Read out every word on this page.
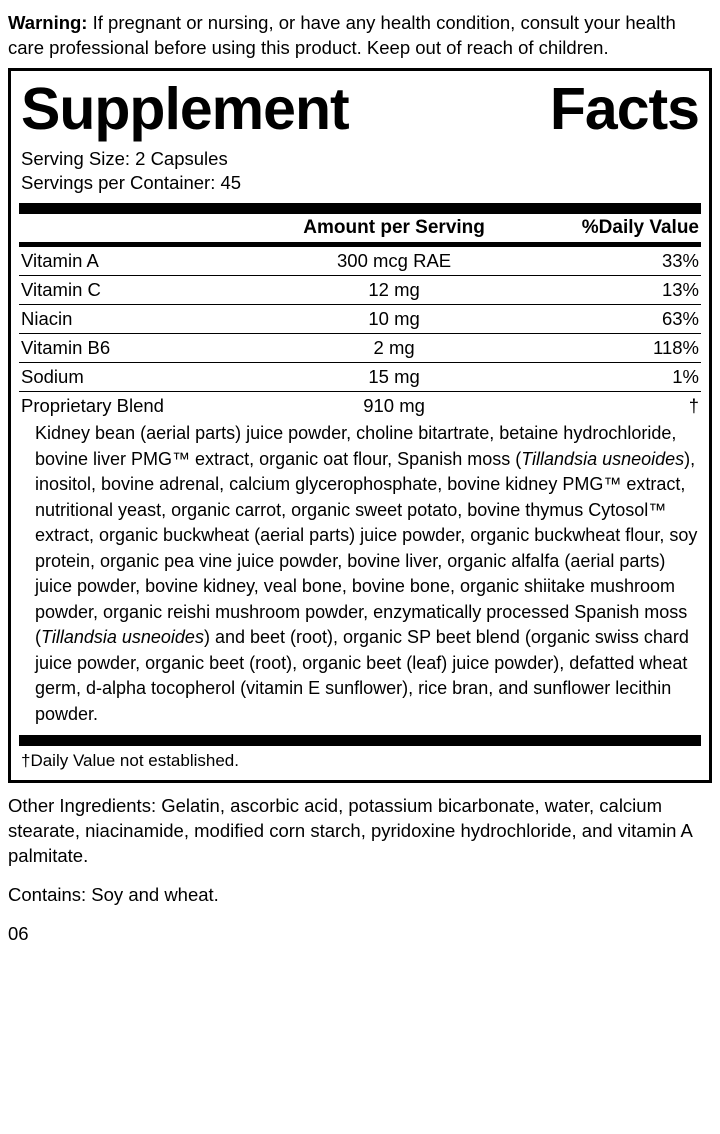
Warning: If pregnant or nursing, or have any health condition, consult your health care professional before using this product. Keep out of reach of children.
Supplement	Facts
Serving Size: 2 Capsules
Servings per Container: 45
	Amount per Serving	%Daily Value
Vitamin A	300 mcg RAE	33%
Vitamin C	12 mg	13%
Niacin	10 mg	63%
Vitamin B6	2 mg	118%
Sodium	15 mg	1%
Proprietary Blend	910 mg	†
Kidney bean (aerial parts) juice powder, choline bitartrate, betaine hydrochloride, bovine liver PMG™ extract, organic oat flour, Spanish moss (Tillandsia usneoides), inositol, bovine adrenal, calcium glycerophosphate, bovine kidney PMG™ extract, nutritional yeast, organic carrot, organic sweet potato, bovine thymus Cytosol™ extract, organic buckwheat (aerial parts) juice powder, organic buckwheat flour, soy protein, organic pea vine juice powder, bovine liver, organic alfalfa (aerial parts) juice powder, bovine kidney, veal bone, bovine bone, organic shiitake mushroom powder, organic reishi mushroom powder, enzymatically processed Spanish moss (Tillandsia usneoides) and beet (root), organic SP beet blend (organic swiss chard juice powder, organic beet (root), organic beet (leaf) juice powder), defatted wheat germ, d-alpha tocopherol (vitamin E sunflower), rice bran, and sunflower lecithin powder.
†Daily Value not established.
Other Ingredients: Gelatin, ascorbic acid, potassium bicarbonate, water, calcium stearate, niacinamide, modified corn starch, pyridoxine hydrochloride, and vitamin A palmitate.
Contains: Soy and wheat.
06
